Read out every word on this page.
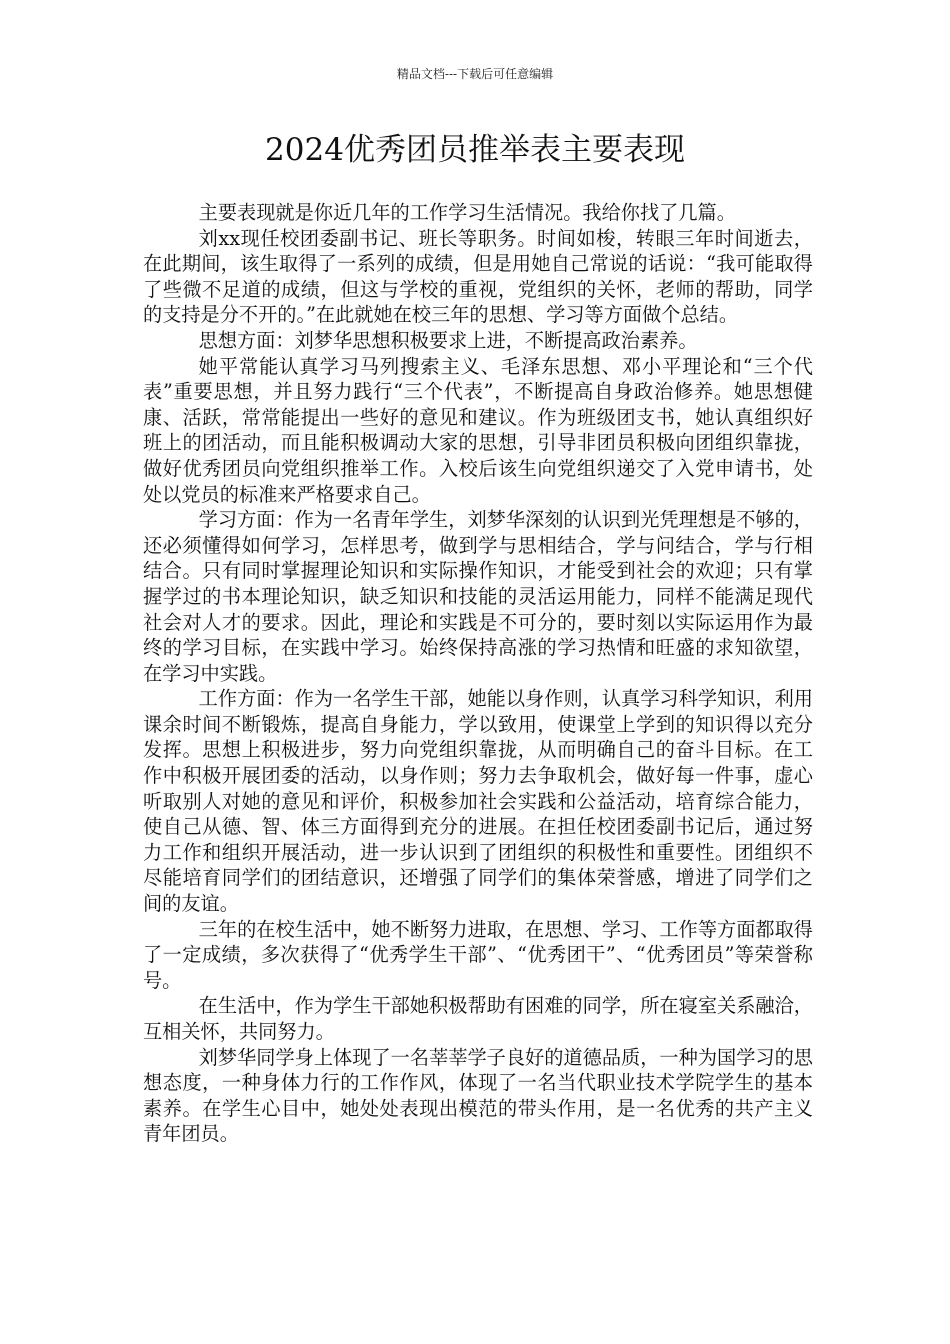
精品文档---下载后可任意编辑
2024优秀团员推举表主要表现

主要表现就是你近几年的工作学习生活情况。我给你找了几篇。

刘xx现任校团委副书记、班长等职务。时间如梭，转眼三年时间逝去，在此期间，该生取得了一系列的成绩，但是用她自己常说的话说：“我可能取得了些微不足道的成绩，但这与学校的重视，党组织的关怀，老师的帮助，同学的支持是分不开的。”在此就她在校三年的思想、学习等方面做个总结。

思想方面：刘梦华思想积极要求上进，不断提高政治素养。

她平常能认真学习马列搜索主义、毛泽东思想、邓小平理论和“三个代表”重要思想，并且努力践行“三个代表”，不断提高自身政治修养。她思想健康、活跃，常常能提出一些好的意见和建议。作为班级团支书，她认真组织好班上的团活动，而且能积极调动大家的思想，引导非团员积极向团组织靠拢，做好优秀团员向党组织推举工作。入校后该生向党组织递交了入党申请书，处处以党员的标准来严格要求自己。

学习方面：作为一名青年学生，刘梦华深刻的认识到光凭理想是不够的，还必须懂得如何学习，怎样思考，做到学与思相结合，学与问结合，学与行相结合。只有同时掌握理论知识和实际操作知识，才能受到社会的欢迎；只有掌握学过的书本理论知识，缺乏知识和技能的灵活运用能力，同样不能满足现代社会对人才的要求。因此，理论和实践是不可分的，要时刻以实际运用作为最终的学习目标，在实践中学习。始终保持高涨的学习热情和旺盛的求知欲望，在学习中实践。

工作方面：作为一名学生干部，她能以身作则，认真学习科学知识，利用课余时间不断锻炼，提高自身能力，学以致用，使课堂上学到的知识得以充分发挥。思想上积极进步，努力向党组织靠拢，从而明确自己的奋斗目标。在工作中积极开展团委的活动，以身作则；努力去争取机会，做好每一件事，虚心听取别人对她的意见和评价，积极参加社会实践和公益活动，培育综合能力，使自己从德、智、体三方面得到充分的进展。在担任校团委副书记后，通过努力工作和组织开展活动，进一步认识到了团组织的积极性和重要性。团组织不尽能培育同学们的团结意识，还增强了同学们的集体荣誉感，增进了同学们之间的友谊。

三年的在校生活中，她不断努力进取，在思想、学习、工作等方面都取得了一定成绩，多次获得了“优秀学生干部”、“优秀团干”、“优秀团员”等荣誉称号。

在生活中，作为学生干部她积极帮助有困难的同学，所在寝室关系融洽，互相关怀，共同努力。

刘梦华同学身上体现了一名莘莘学子良好的道德品质，一种为国学习的思想态度，一种身体力行的工作作风，体现了一名当代职业技术学院学生的基本素养。在学生心目中，她处处表现出模范的带头作用，是一名优秀的共产主义青年团员。
